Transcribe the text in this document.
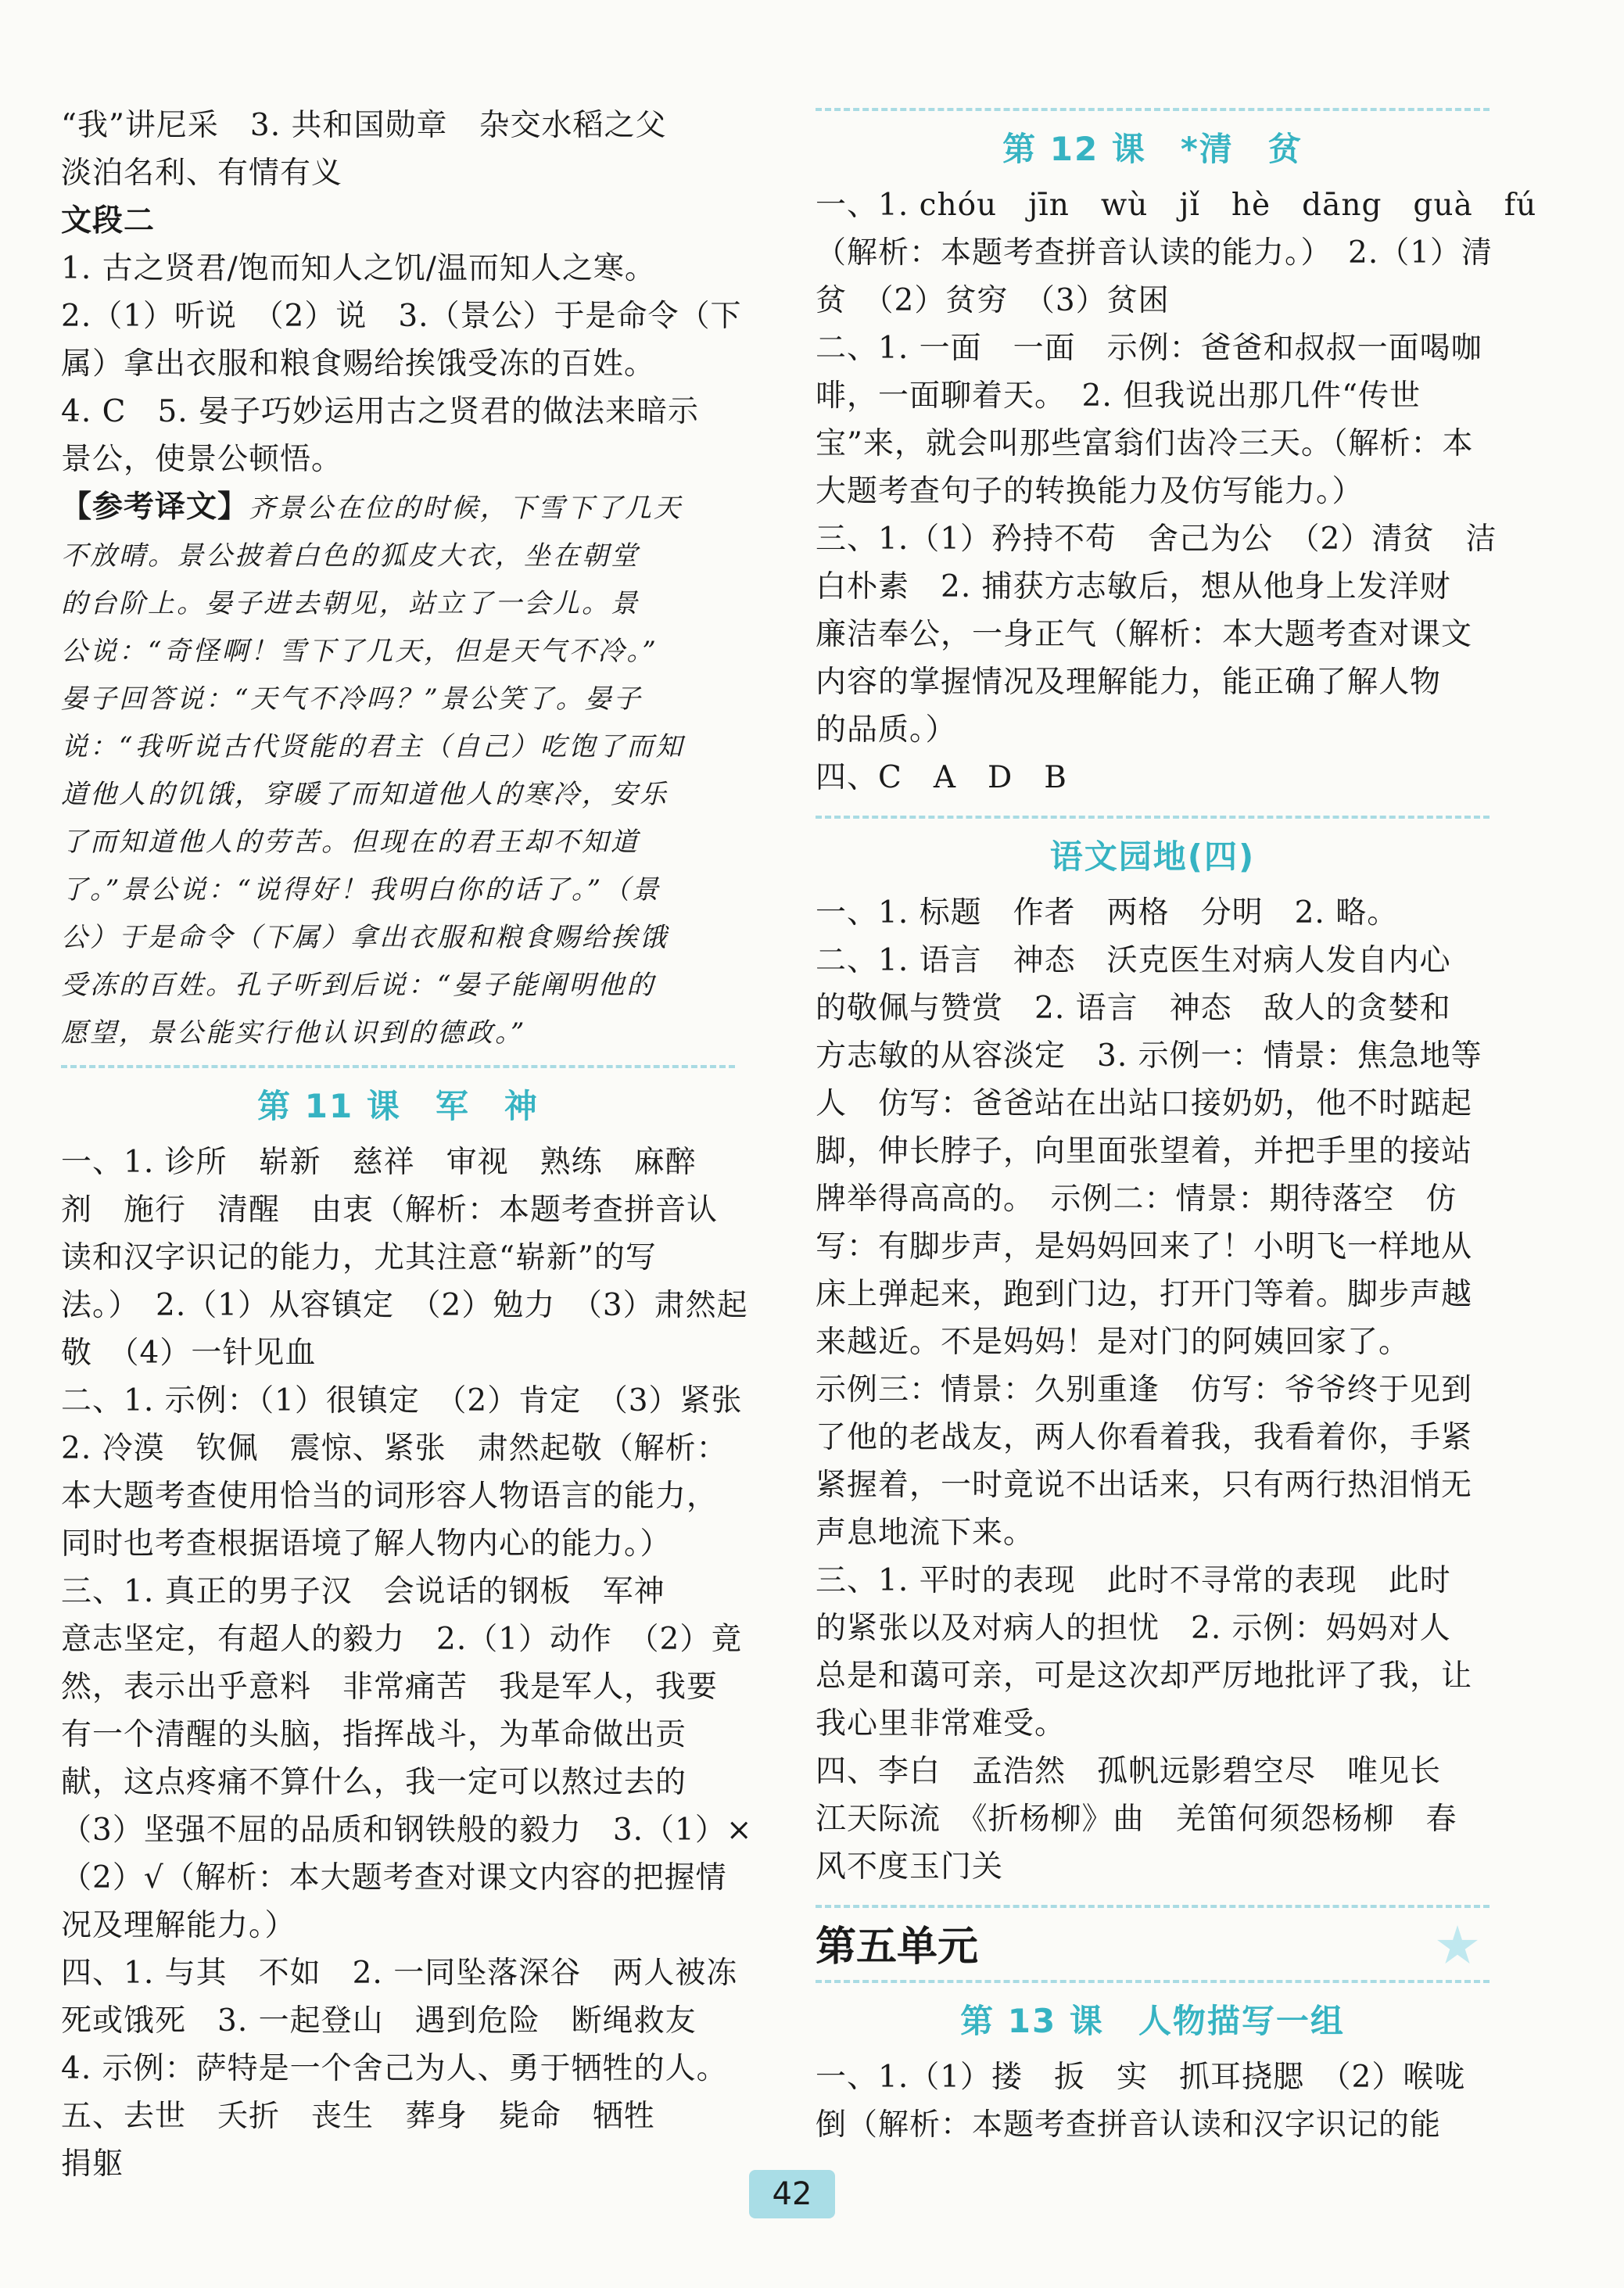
“我”讲尼采　3. 共和国勋章　杂交水稻之父
淡泊名利、有情有义
文段二
1. 古之贤君/饱而知人之饥/温而知人之寒。
2.（1）听说　（2）说　3.（景公）于是命令（下
属）拿出衣服和粮食赐给挨饿受冻的百姓。
4. C　5. 晏子巧妙运用古之贤君的做法来暗示
景公，使景公顿悟。
【参考译文】齐景公在位的时候，下雪下了几天
不放晴。景公披着白色的狐皮大衣，坐在朝堂
的台阶上。晏子进去朝见，站立了一会儿。景
公说：“奇怪啊！雪下了几天，但是天气不冷。”
晏子回答说：“天气不冷吗？”景公笑了。晏子
说：“我听说古代贤能的君主（自己）吃饱了而知
道他人的饥饿，穿暖了而知道他人的寒冷，安乐
了而知道他人的劳苦。但现在的君王却不知道
了。”景公说：“说得好！我明白你的话了。”（景
公）于是命令（下属）拿出衣服和粮食赐给挨饿
受冻的百姓。孔子听到后说：“晏子能阐明他的
愿望，景公能实行他认识到的德政。”
第 11 课　军　神
一、1. 诊所　崭新　慈祥　审视　熟练　麻醉
剂　施行　清醒　由衷（解析：本题考查拼音认
读和汉字识记的能力，尤其注意“崭新”的写
法。）　2.（1）从容镇定　（2）勉力　（3）肃然起
敬　（4）一针见血
二、1. 示例：（1）很镇定　（2）肯定　（3）紧张
2. 冷漠　钦佩　震惊、紧张　肃然起敬（解析：
本大题考查使用恰当的词形容人物语言的能力，
同时也考查根据语境了解人物内心的能力。）
三、1. 真正的男子汉　会说话的钢板　军神
意志坚定，有超人的毅力　2.（1）动作　（2）竟
然，表示出乎意料　非常痛苦　我是军人，我要
有一个清醒的头脑，指挥战斗，为革命做出贡
献，这点疼痛不算什么，我一定可以熬过去的
（3）坚强不屈的品质和钢铁般的毅力　3.（1）×
（2）√（解析：本大题考查对课文内容的把握情
况及理解能力。）
四、1. 与其　不如　2. 一同坠落深谷　两人被冻
死或饿死　3. 一起登山　遇到危险　断绳救友
4. 示例：萨特是一个舍己为人、勇于牺牲的人。
五、去世　夭折　丧生　葬身　毙命　牺牲
捐躯
第 12 课　*清　贫
一、1. chóu　jīn　wù　jǐ　hè　dāng　guà　fú
（解析：本题考查拼音认读的能力。）　2.（1）清
贫　（2）贫穷　（3）贫困
二、1. 一面　一面　示例：爸爸和叔叔一面喝咖
啡，一面聊着天。　2. 但我说出那几件“传世
宝”来，就会叫那些富翁们齿冷三天。（解析：本
大题考查句子的转换能力及仿写能力。）
三、1.（1）矜持不苟　舍己为公　（2）清贫　洁
白朴素　2. 捕获方志敏后，想从他身上发洋财
廉洁奉公，一身正气（解析：本大题考查对课文
内容的掌握情况及理解能力，能正确了解人物
的品质。）
四、C　A　D　B
语文园地(四)
一、1. 标题　作者　两格　分明　2. 略。
二、1. 语言　神态　沃克医生对病人发自内心
的敬佩与赞赏　2. 语言　神态　敌人的贪婪和
方志敏的从容淡定　3. 示例一：情景：焦急地等
人　仿写：爸爸站在出站口接奶奶，他不时踮起
脚，伸长脖子，向里面张望着，并把手里的接站
牌举得高高的。　示例二：情景：期待落空　仿
写：有脚步声，是妈妈回来了！小明飞一样地从
床上弹起来，跑到门边，打开门等着。脚步声越
来越近。不是妈妈！是对门的阿姨回家了。
示例三：情景：久别重逢　仿写：爷爷终于见到
了他的老战友，两人你看着我，我看着你，手紧
紧握着，一时竟说不出话来，只有两行热泪悄无
声息地流下来。
三、1. 平时的表现　此时不寻常的表现　此时
的紧张以及对病人的担忧　2. 示例：妈妈对人
总是和蔼可亲，可是这次却严厉地批评了我，让
我心里非常难受。
四、李白　孟浩然　孤帆远影碧空尽　唯见长
江天际流　《折杨柳》曲　羌笛何须怨杨柳　春
风不度玉门关
第五单元
第 13 课　人物描写一组
一、1.（1）搂　扳　实　抓耳挠腮　（2）喉咙
倒（解析：本题考查拼音认读和汉字识记的能
42
